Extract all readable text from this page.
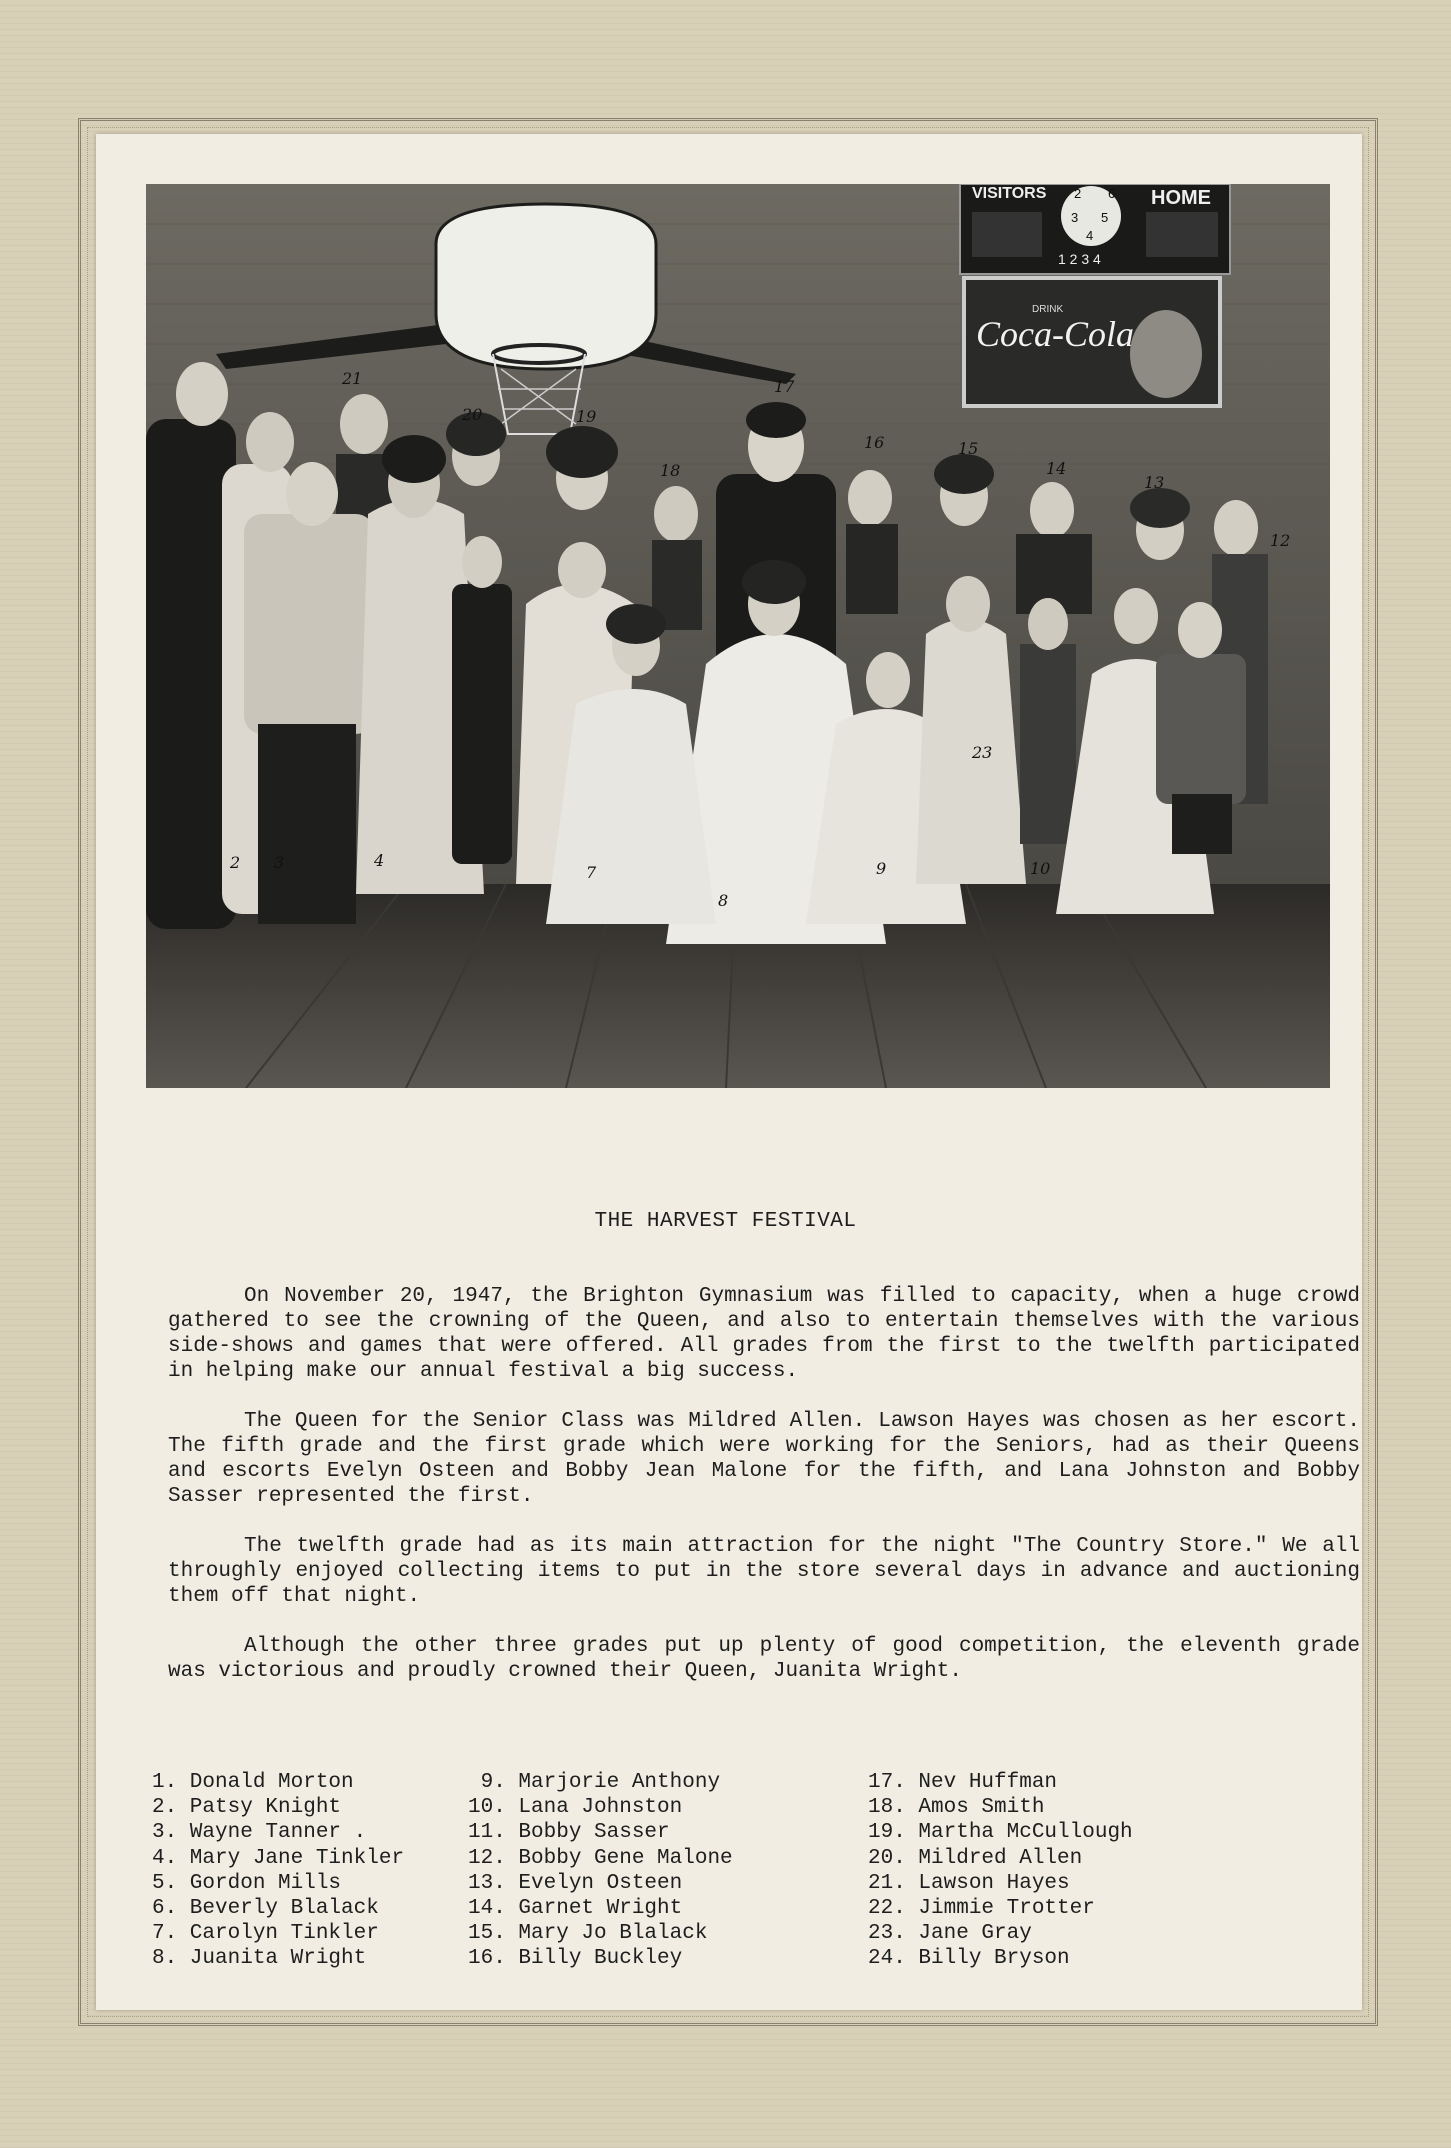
VISITORS	HOME
2
3
4
5
6
1 2 3 4
DRINK
Coca-Cola
21
20	19
18
17
16	15
14
13
12
2 3	4
7
8
9	10
23
THE HARVEST FESTIVAL

On November 20, 1947, the Brighton Gymnasium was filled to capacity, when a huge crowd gathered to see the crowning of the Queen, and also to entertain themselves with the various side-shows and games that were offered. All grades from the first to the twelfth participated in helping make our annual festival a big success.

The Queen for the Senior Class was Mildred Allen. Lawson Hayes was chosen as her escort. The fifth grade and the first grade which were working for the Seniors, had as their Queens and escorts Evelyn Osteen and Bobby Jean Malone for the fifth, and Lana Johnston and Bobby Sasser represented the first.

The twelfth grade had as its main attraction for the night "The Country Store." We all throughly enjoyed collecting items to put in the store several days in advance and auctioning them off that night.

Although the other three grades put up plenty of good competition, the eleventh grade was victorious and proudly crowned their Queen, Juanita Wright.

1. Donald Morton
2. Patsy Knight
3. Wayne Tanner .
4. Mary Jane Tinkler
5. Gordon Mills
6. Beverly Blalack
7. Carolyn Tinkler
8. Juanita Wright
9. Marjorie Anthony
10. Lana Johnston
11. Bobby Sasser
12. Bobby Gene Malone
13. Evelyn Osteen
14. Garnet Wright
15. Mary Jo Blalack
16. Billy Buckley
17. Nev Huffman
18. Amos Smith
19. Martha McCullough
20. Mildred Allen
21. Lawson Hayes
22. Jimmie Trotter
23. Jane Gray
24. Billy Bryson
